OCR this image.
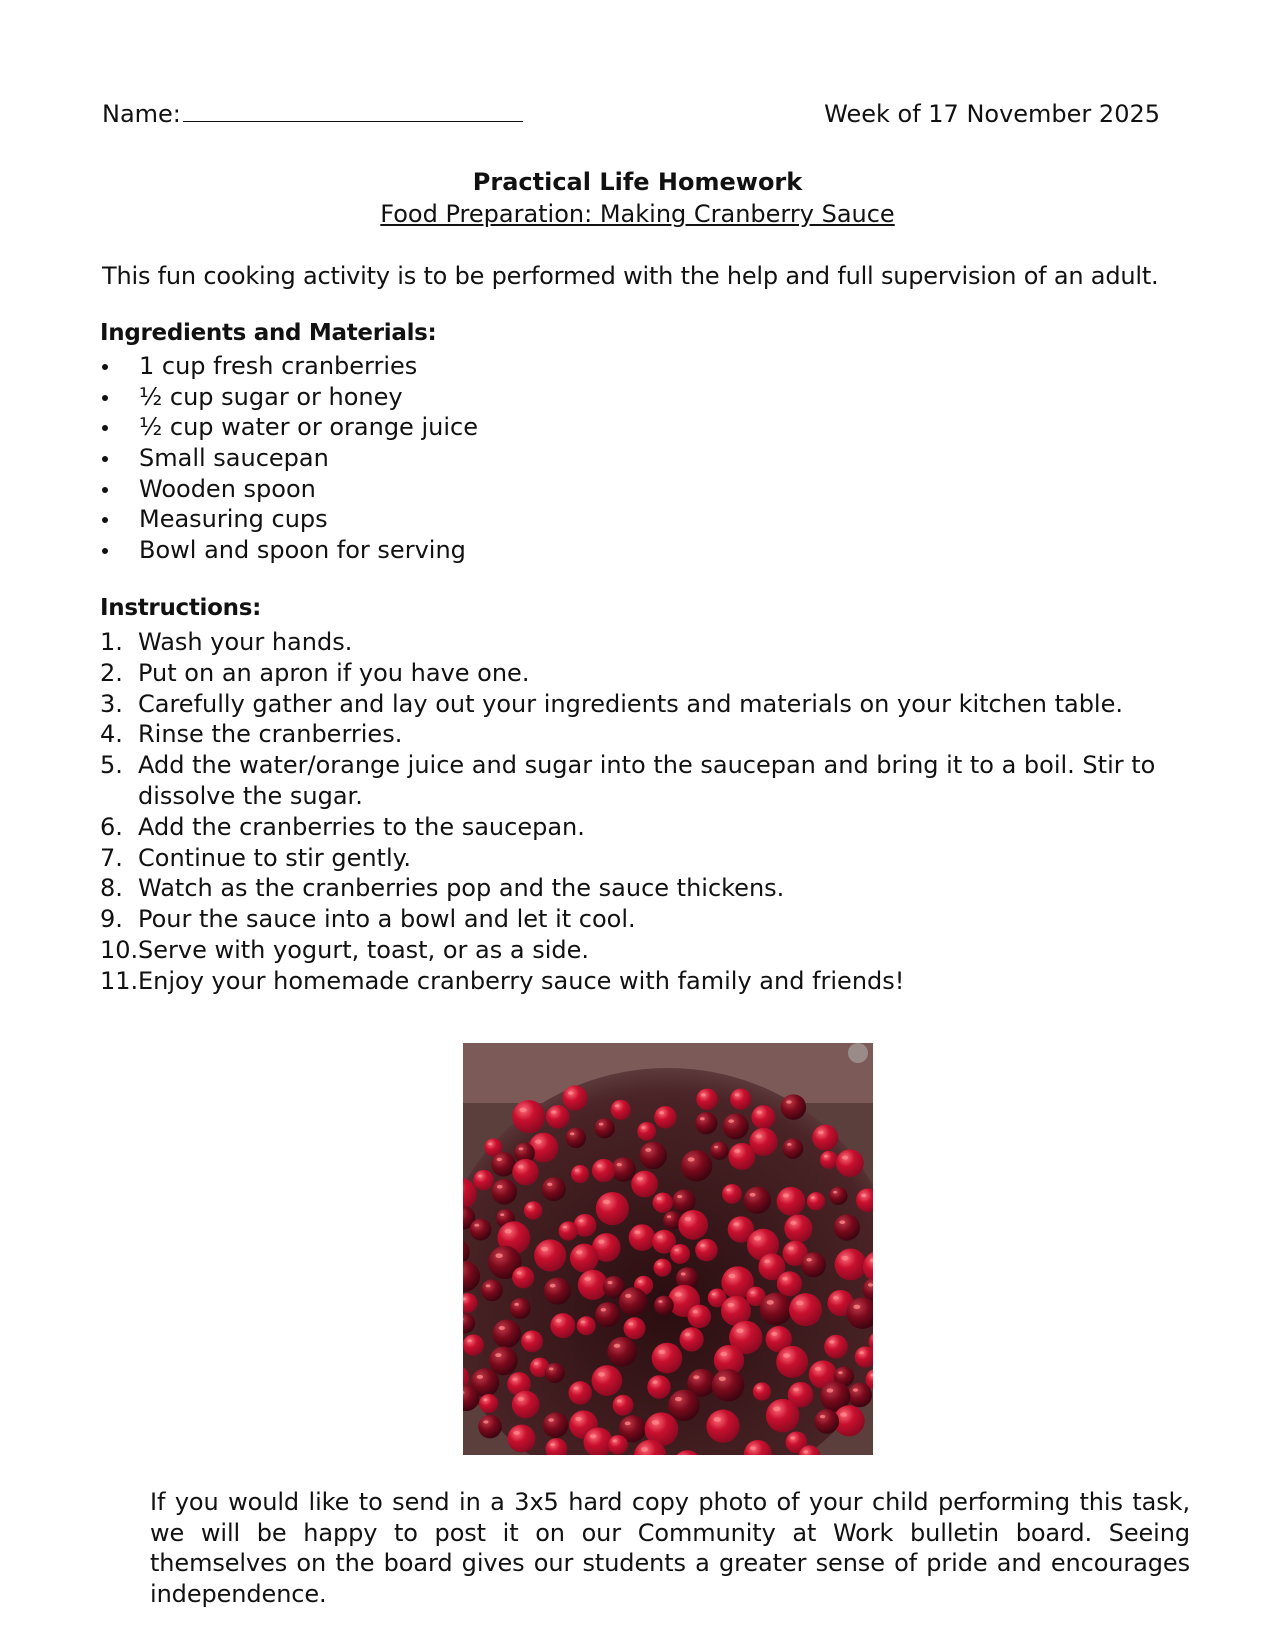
Name:	Week of 17 November 2025
Practical Life Homework
Food Preparation: Making Cranberry Sauce
This fun cooking activity is to be performed with the help and full supervision of an adult.
Ingredients and Materials:
1 cup fresh cranberries
½ cup sugar or honey
½ cup water or orange juice
Small saucepan
Wooden spoon
Measuring cups
Bowl and spoon for serving
Instructions:
1. Wash your hands.
2. Put on an apron if you have one.
3. Carefully gather and lay out your ingredients and materials on your kitchen table.
4. Rinse the cranberries.
5. Add the water/orange juice and sugar into the saucepan and bring it to a boil. Stir to dissolve the sugar.
6. Add the cranberries to the saucepan.
7. Continue to stir gently.
8. Watch as the cranberries pop and the sauce thickens.
9. Pour the sauce into a bowl and let it cool.
10. Serve with yogurt, toast, or as a side.
11. Enjoy your homemade cranberry sauce with family and friends!
If you would like to send in a 3x5 hard copy photo of your child performing this task, we will be happy to post it on our Community at Work bulletin board. Seeing themselves on the board gives our students a greater sense of pride and encourages independence.
